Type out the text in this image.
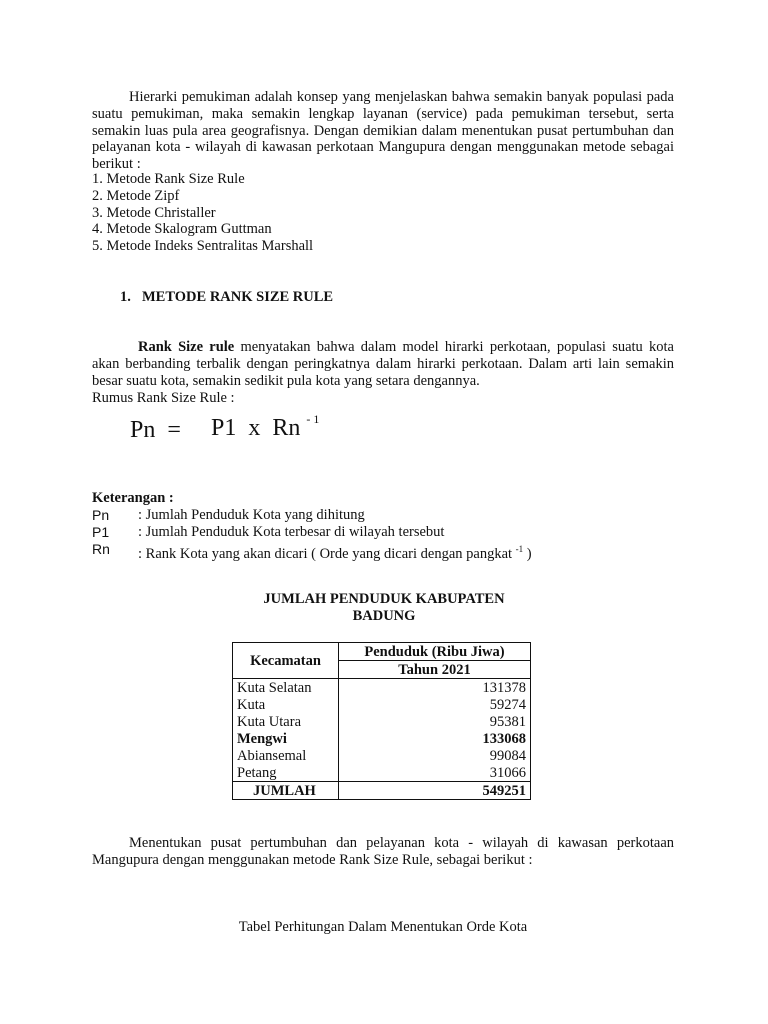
Hierarki pemukiman adalah konsep yang menjelaskan bahwa semakin banyak populasi pada suatu pemukiman, maka semakin lengkap layanan (service) pada pemukiman tersebut, serta semakin luas pula area geografisnya. Dengan demikian dalam menentukan pusat pertumbuhan dan pelayanan kota - wilayah di kawasan perkotaan Mangupura dengan menggunakan metode sebagai berikut :

1. Metode Rank Size Rule
2. Metode Zipf
3. Metode Christaller
4. Metode Skalogram Guttman
5. Metode Indeks Sentralitas Marshall

1. METODE RANK SIZE RULE

Rank Size rule menyatakan bahwa dalam model hirarki perkotaan, populasi suatu kota akan berbanding terbalik dengan peringkatnya dalam hirarki perkotaan. Dalam arti lain semakin besar suatu kota, semakin sedikit pula kota yang setara dengannya.

Rumus Rank Size Rule :

Pn  = P1  x  Rn $^{- 1}$

Keterangan :

Pn	: Jumlah Penduduk Kota yang dihitung
P1	: Jumlah Penduduk Kota terbesar di wilayah tersebut
Rn	: Rank Kota yang akan dicari ( Orde yang dicari dengan pangkat $^{-1}$ )
JUMLAH PENDUDUK KABUPATEN
BADUNG
Kecamatan	Penduduk (Ribu Jiwa)
	Tahun 2021
Kuta Selatan	131378
Kuta	59274
Kuta Utara	95381
Mengwi	133068
Abiansemal	99084
Petang	31066
JUMLAH	549251

Menentukan pusat pertumbuhan dan pelayanan kota - wilayah di kawasan perkotaan Mangupura dengan menggunakan metode Rank Size Rule, sebagai berikut :

Tabel Perhitungan Dalam Menentukan Orde Kota
